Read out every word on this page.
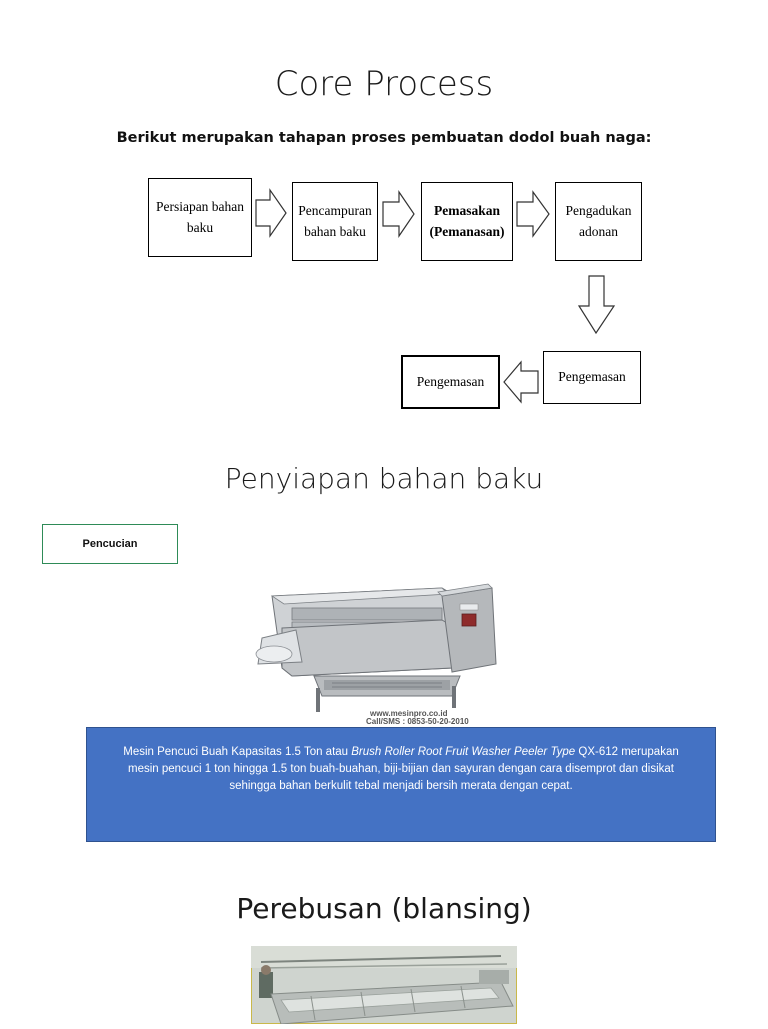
Core Process
Berikut merupakan tahapan proses pembuatan dodol buah naga:
Persiapan bahan baku
Pencampuran bahan baku
Pemasakan (Pemanasan)
Pengadukan adonan
Pengemasan
Pengemasan
Penyiapan bahan baku
Pencucian
www.mesinpro.co.id
Call/SMS : 0853-50-20-2010
Mesin Pencuci Buah Kapasitas 1.5 Ton atau Brush Roller Root Fruit Washer Peeler Type QX-612 merupakan mesin pencuci 1 ton hingga 1.5 ton buah-buahan, biji-bijian dan sayuran dengan cara disemprot dan disikat sehingga bahan berkulit tebal menjadi bersih merata dengan cepat.
Perebusan (blansing)
